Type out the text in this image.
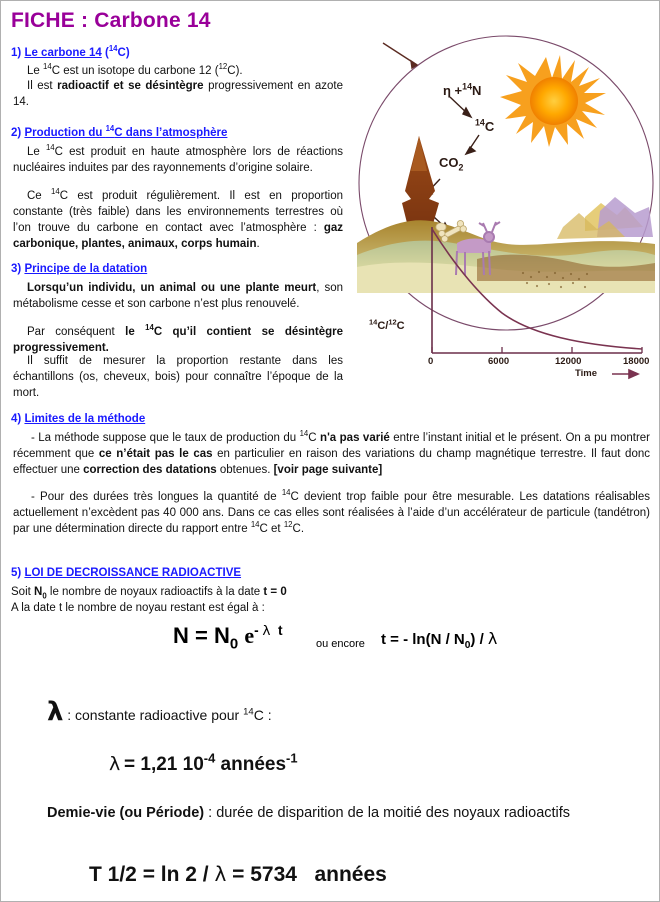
FICHE : Carbone 14
1) Le carbone 14 ($^{14}$C)
Le $^{14}$C est un isotope du carbone 12 ($^{12}$C).
Il est radioactif et se désintègre progressivement en azote 14.
2) Production du $^{14}$C dans l’atmosphère
Le $^{14}$C est produit en haute atmosphère lors de réactions nucléaires induites par des rayonnements d’origine solaire.
Ce $^{14}$C est produit régulièrement. Il est en proportion constante (très faible) dans les environnements terrestres où l’on trouve du carbone en contact avec l’atmosphère : gaz carbonique, plantes, animaux, corps humain.
3) Principe de la datation
Lorsqu’un individu, un animal ou une plante meurt, son métabolisme cesse et son carbone n’est plus renouvelé.
Par conséquent le $^{14}$C qu’il contient se désintègre progressivement.
Il suffit de mesurer la proportion restante dans les échantillons (os, cheveux, bois) pour connaître l’époque de la mort.
4) Limites de la méthode
- La méthode suppose que le taux de production du $^{14}$C n'a pas varié entre l’instant initial et le présent. On a pu montrer récemment que ce n’était pas le cas en particulier en raison des variations du champ magnétique terrestre. Il faut donc effectuer une correction des datations obtenues. [voir page suivante]
- Pour des durées très longues la quantité de $^{14}$C devient trop faible pour être mesurable. Les datations réalisables actuellement n’excèdent pas 40 000 ans. Dans ce cas elles sont réalisées à l’aide d’un accélérateur de particule (tandétron) par une détermination directe du rapport entre $^{14}$C et $^{12}$C.
5) LOI DE DECROISSANCE RADIOACTIVE
Soit $N_0$ le nombre de noyaux radioactifs à la date t = 0
A la date t le nombre de noyau restant est égal à :
$N = N_0$ $e^{- \lambda t}$
ou encore t = - $\ln(N / N_0)$ / λ
λ : constante radioactive pour $^{14}$C :
λ = 1,21 $10^{-4}$ années$^{-1}$
Demie-vie (ou Période) : durée de disparition de la moitié des noyaux radioactifs
T 1/2 = ln 2 / λ = 5734   années
η +$^{14}$N
$^{14}$C
$CO_2$
$^{14}$C/$^{12}$C
0	6000	12000	18000
Time
